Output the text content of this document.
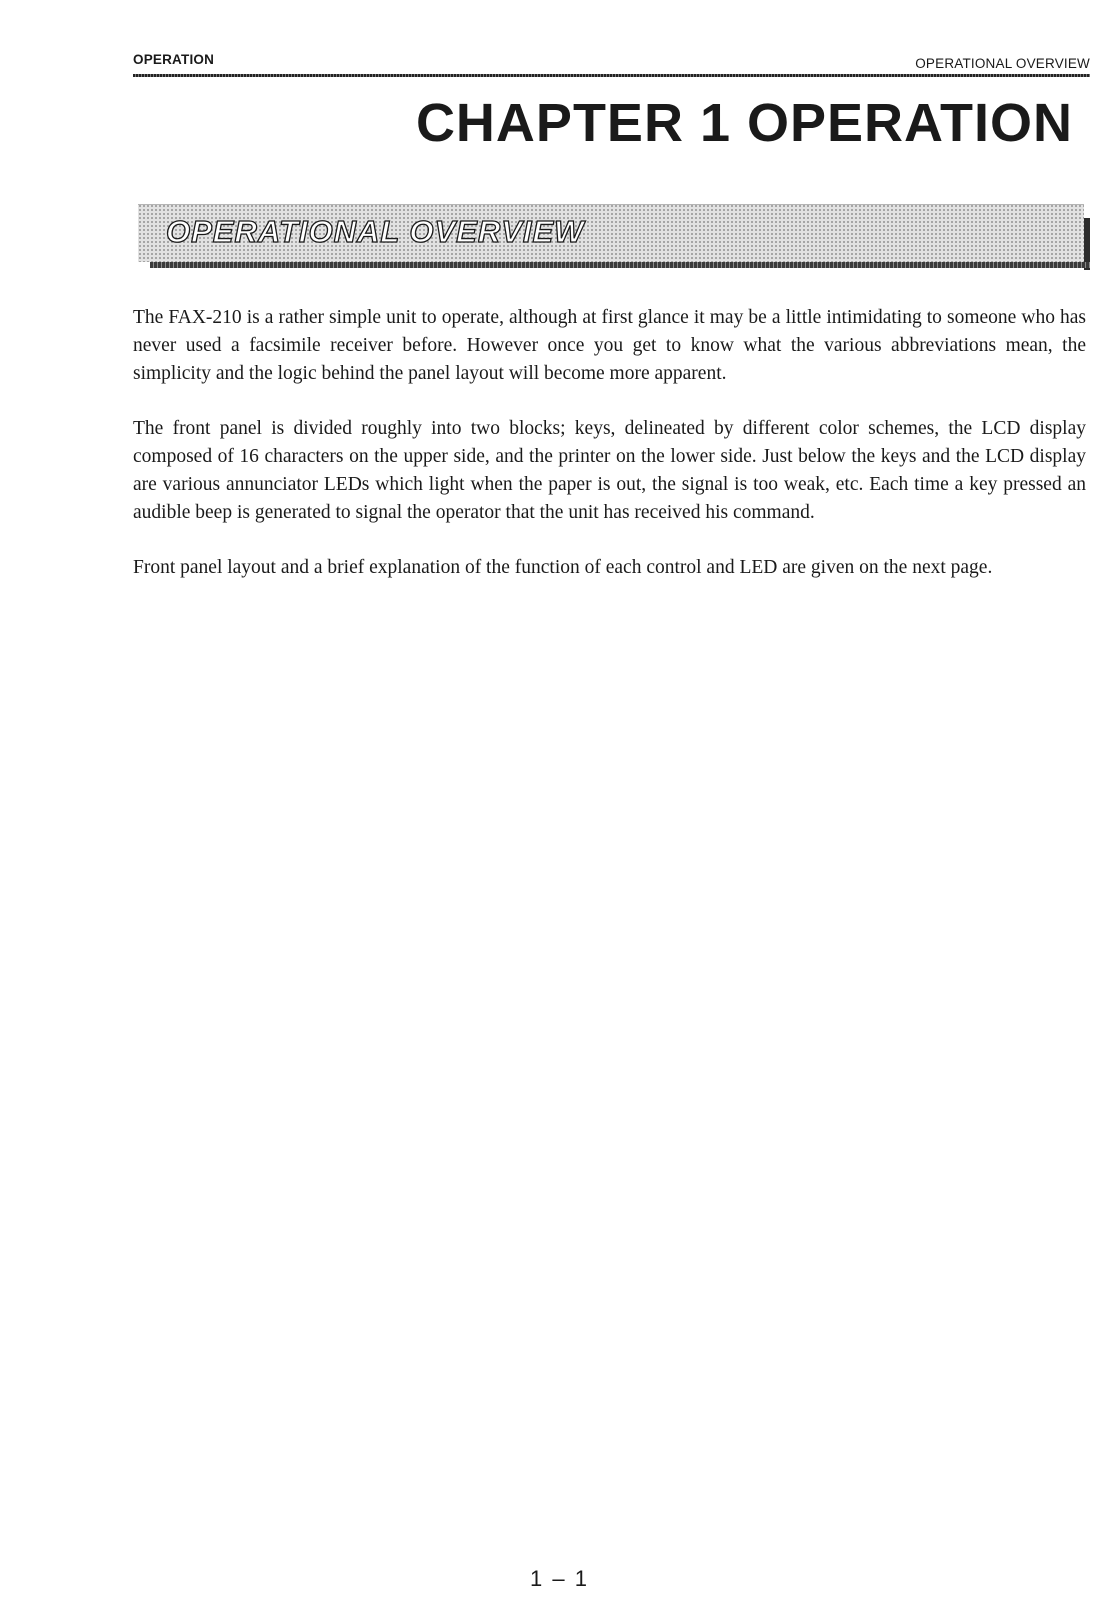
OPERATION	OPERATIONAL OVERVIEW
CHAPTER 1 OPERATION
OPERATIONAL OVERVIEW

The FAX-210 is a rather simple unit to operate, although at first glance it may be a little intimidating to someone who has never used a facsimile receiver before. However once you get to know what the various abbreviations mean, the simplicity and the logic behind the panel layout will become more apparent.

The front panel is divided roughly into two blocks; keys, delineated by different color schemes, the LCD display composed of 16 characters on the upper side, and the printer on the lower side. Just below the keys and the LCD display are various annunciator LEDs which light when the paper is out, the signal is too weak, etc. Each time a key pressed an audible beep is generated to signal the operator that the unit has received his command.

Front panel layout and a brief explanation of the function of each control and LED are given on the next page.

1 – 1
